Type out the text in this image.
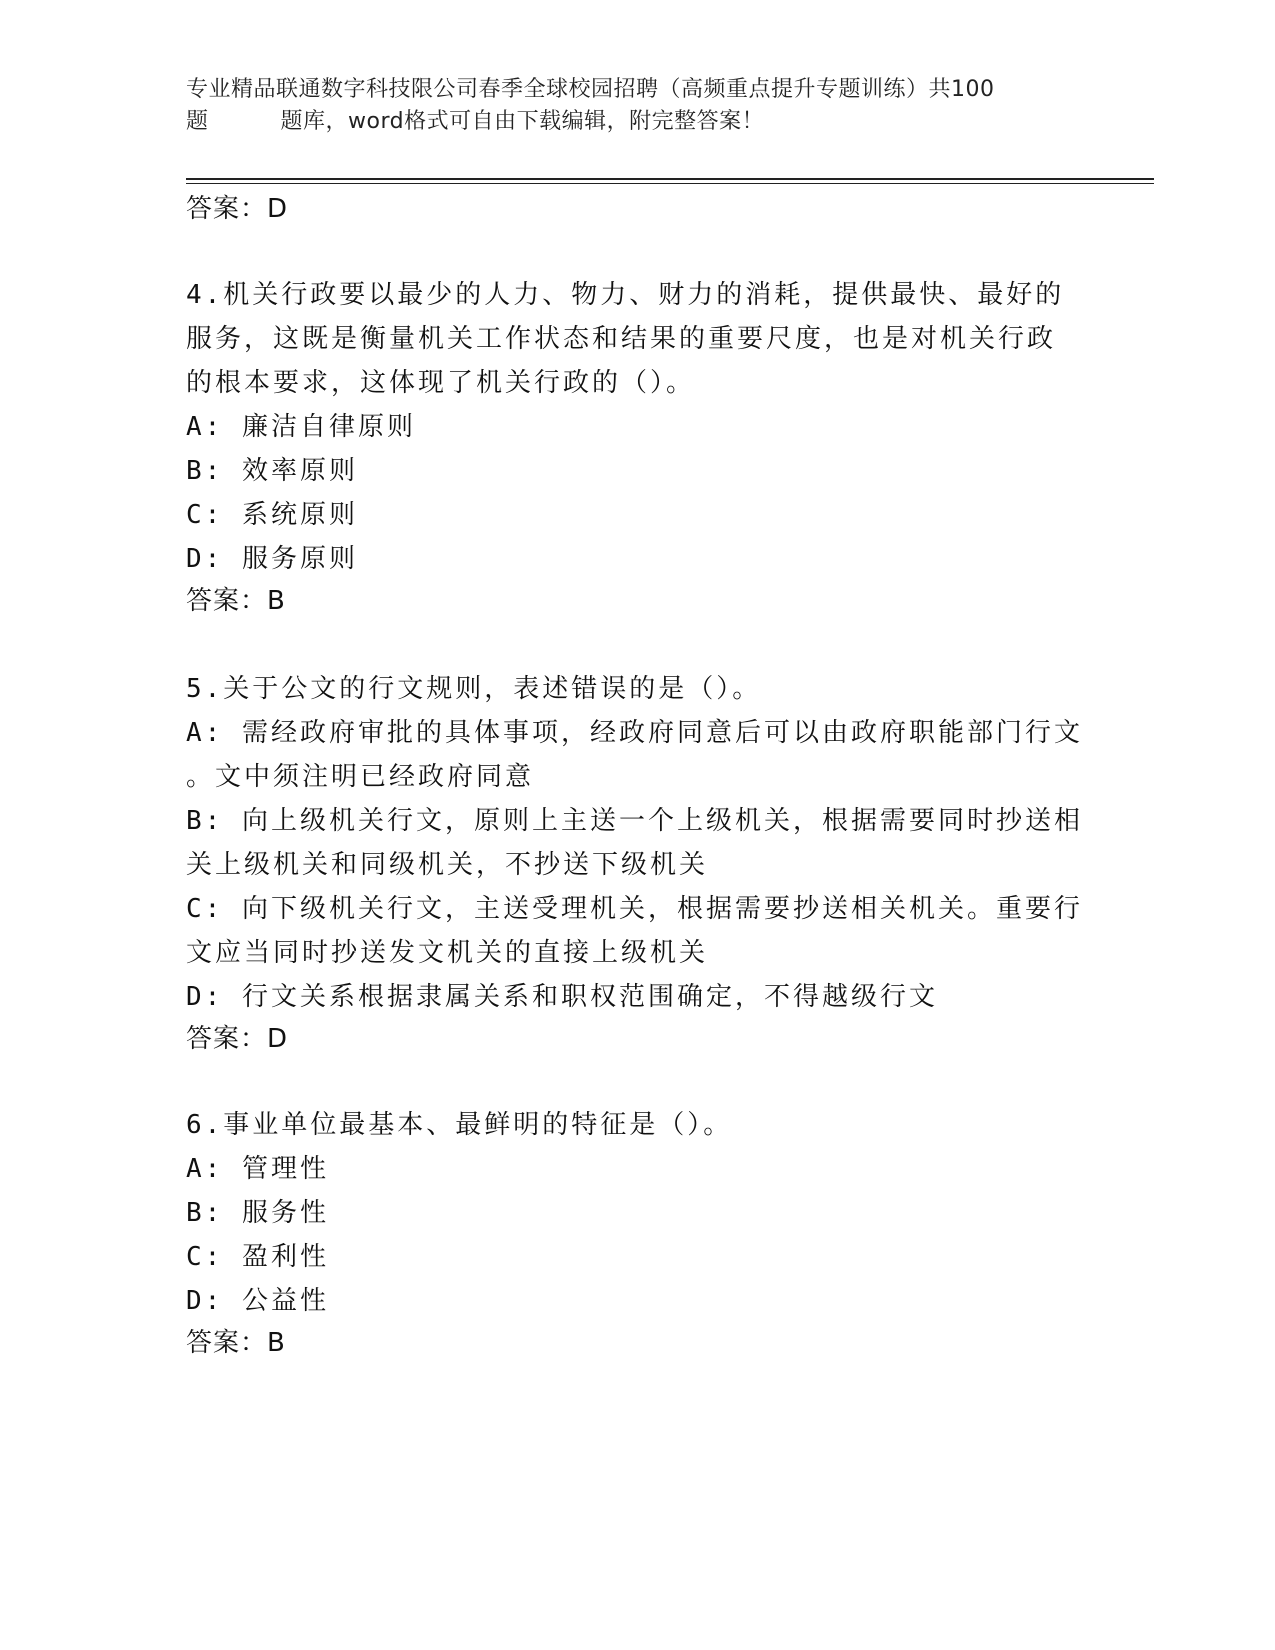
专业精品联通数字科技限公司春季全球校园招聘（高频重点提升专题训练）共100
题	题库，word格式可自由下载编辑，附完整答案！
答案：D
4.机关行政要以最少的人力、物力、财力的消耗，提供最快、最好的
服务，这既是衡量机关工作状态和结果的重要尺度，也是对机关行政
的根本要求，这体现了机关行政的（）。
A: 廉洁自律原则
B: 效率原则
C: 系统原则
D: 服务原则
答案：B
5.关于公文的行文规则，表述错误的是（）。
A: 需经政府审批的具体事项，经政府同意后可以由政府职能部门行文
。文中须注明已经政府同意
B: 向上级机关行文，原则上主送一个上级机关，根据需要同时抄送相
关上级机关和同级机关，不抄送下级机关
C: 向下级机关行文，主送受理机关，根据需要抄送相关机关。重要行
文应当同时抄送发文机关的直接上级机关
D: 行文关系根据隶属关系和职权范围确定，不得越级行文
答案：D
6.事业单位最基本、最鲜明的特征是（）。
A: 管理性
B: 服务性
C: 盈利性
D: 公益性
答案：B
